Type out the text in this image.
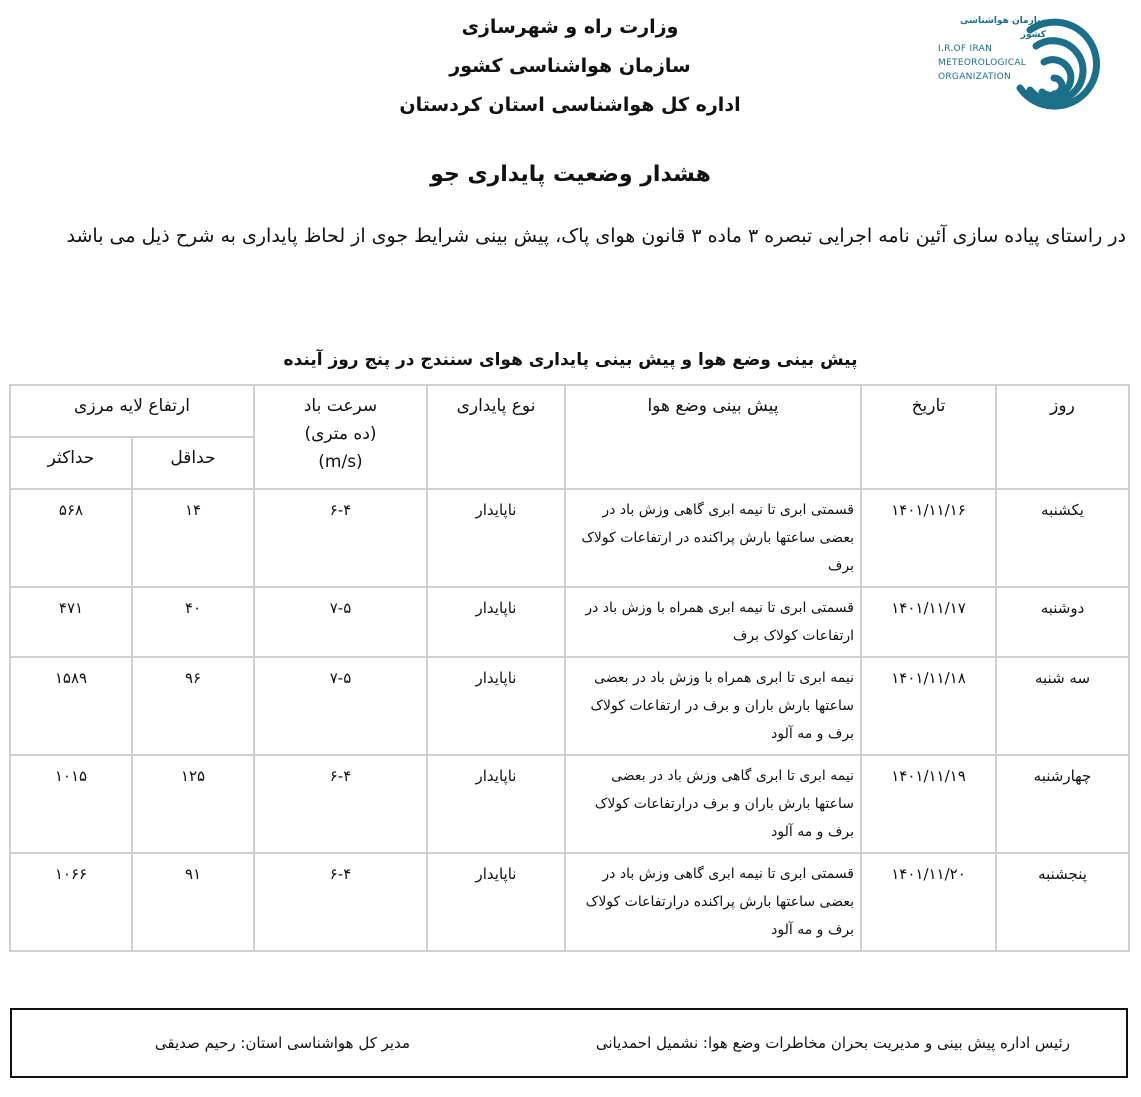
سازمان هواشناسی کشور
I.R.OF IRAN
METEOROLOGICAL
ORGANIZATION
وزارت راه و شهرسازی
سازمان هواشناسی کشور
اداره کل هواشناسی استان کردستان
هشدار وضعیت پایداری جو
در راستای پیاده سازی آئین نامه اجرایی تبصره ۳ ماده ۳ قانون هوای پاک، پیش بینی شرایط جوی از لحاظ پایداری به شرح ذیل می باشد
پیش بینی وضع هوا و پیش بینی پایداری هوای سنندج در پنج روز آینده
روز	تاریخ	پیش بینی وضع هوا	نوع پایداری	سرعت باد
(ده متری)
(m/s)	ارتفاع لایه مرزی	
					حداقل	حداکثر
یکشنبه	۱۴۰۱/۱۱/۱۶	قسمتی ابری تا نیمه ابری گاهی وزش باد در بعضی ساعتها بارش پراکنده در ارتفاعات کولاک برف	ناپایدار	۶-۴	۱۴	۵۶۸
دوشنبه	۱۴۰۱/۱۱/۱۷	قسمتی ابری تا نیمه ابری همراه با وزش باد در ارتفاعات کولاک برف	ناپایدار	۷-۵	۴۰	۴۷۱
سه شنبه	۱۴۰۱/۱۱/۱۸	نیمه ابری تا ابری همراه با وزش باد در بعضی ساعتها بارش باران و برف در ارتفاعات کولاک برف و مه آلود	ناپایدار	۷-۵	۹۶	۱۵۸۹
چهارشنبه	۱۴۰۱/۱۱/۱۹	نیمه ابری تا ابری گاهی وزش باد در بعضی ساعتها بارش باران و برف درارتفاعات کولاک برف و مه آلود	ناپایدار	۶-۴	۱۲۵	۱۰۱۵
پنجشنبه	۱۴۰۱/۱۱/۲۰	قسمتی ابری تا نیمه ابری گاهی وزش باد در بعضی ساعتها بارش پراکنده درارتفاعات کولاک برف و مه آلود	ناپایدار	۶-۴	۹۱	۱۰۶۶
رئیس اداره پیش بینی و مدیریت بحران مخاطرات وضع هوا: نشمیل احمدیانی
مدیر کل هواشناسی استان: رحیم صدیقی
